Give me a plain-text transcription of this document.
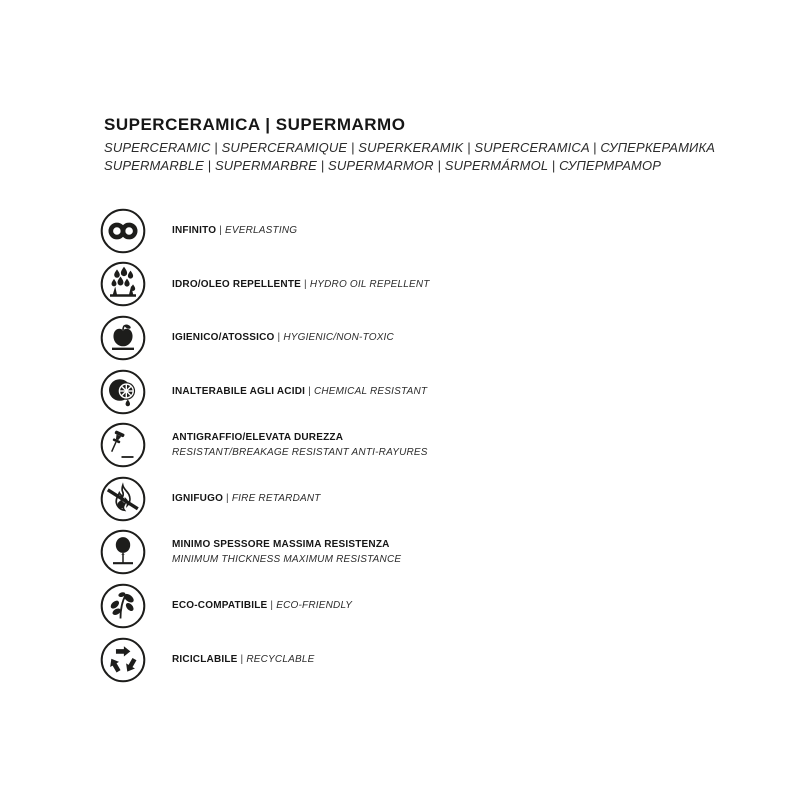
SUPERCERAMICA | SUPERMARMO
SUPERCERAMIC | SUPERCERAMIQUE | SUPERKERAMIK | SUPERCERAMICA | СУПЕРКЕРАМИКА
SUPERMARBLE | SUPERMARBRE | SUPERMARMOR | SUPERMÁRMOL | СУПЕРМРАМОР
INFINITO | EVERLASTING
IDRO/OLEO REPELLENTE | HYDRO OIL REPELLENT
IGIENICO/ATOSSICO | HYGIENIC/NON-TOXIC
INALTERABILE AGLI ACIDI | CHEMICAL RESISTANT
ANTIGRAFFIO/ELEVATA DUREZZA
RESISTANT/BREAKAGE RESISTANT ANTI-RAYURES
IGNIFUGO | FIRE RETARDANT
MINIMO SPESSORE MASSIMA RESISTENZA
MINIMUM THICKNESS MAXIMUM RESISTANCE
ECO-COMPATIBILE | ECO-FRIENDLY
RICICLABILE | RECYCLABLE
